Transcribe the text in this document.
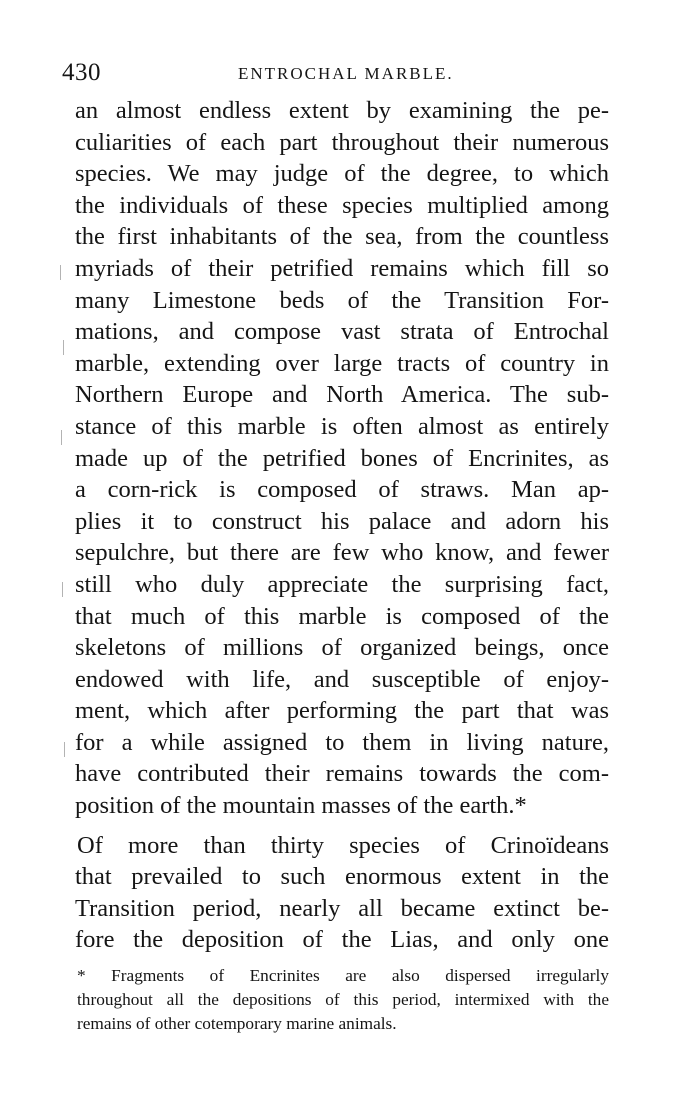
430	ENTROCHAL MARBLE.
an almost endless extent by examining the pe-
culiarities of each part throughout their numerous
species. We may judge of the degree, to which
the individuals of these species multiplied among
the first inhabitants of the sea, from the countless
myriads of their petrified remains which fill so
many Limestone beds of the Transition For-
mations, and compose vast strata of Entrochal
marble, extending over large tracts of country in
Northern Europe and North America. The sub-
stance of this marble is often almost as entirely
made up of the petrified bones of Encrinites, as
a corn-rick is composed of straws. Man ap-
plies it to construct his palace and adorn his
sepulchre, but there are few who know, and fewer
still who duly appreciate the surprising fact,
that much of this marble is composed of the
skeletons of millions of organized beings, once
endowed with life, and susceptible of enjoy-
ment, which after performing the part that was
for a while assigned to them in living nature,
have contributed their remains towards the com-
position of the mountain masses of the earth.*
Of more than thirty species of Crinoïdeans
that prevailed to such enormous extent in the
Transition period, nearly all became extinct be-
fore the deposition of the Lias, and only one
* Fragments of Encrinites are also dispersed irregularly
throughout all the depositions of this period, intermixed with the
remains of other cotemporary marine animals.
